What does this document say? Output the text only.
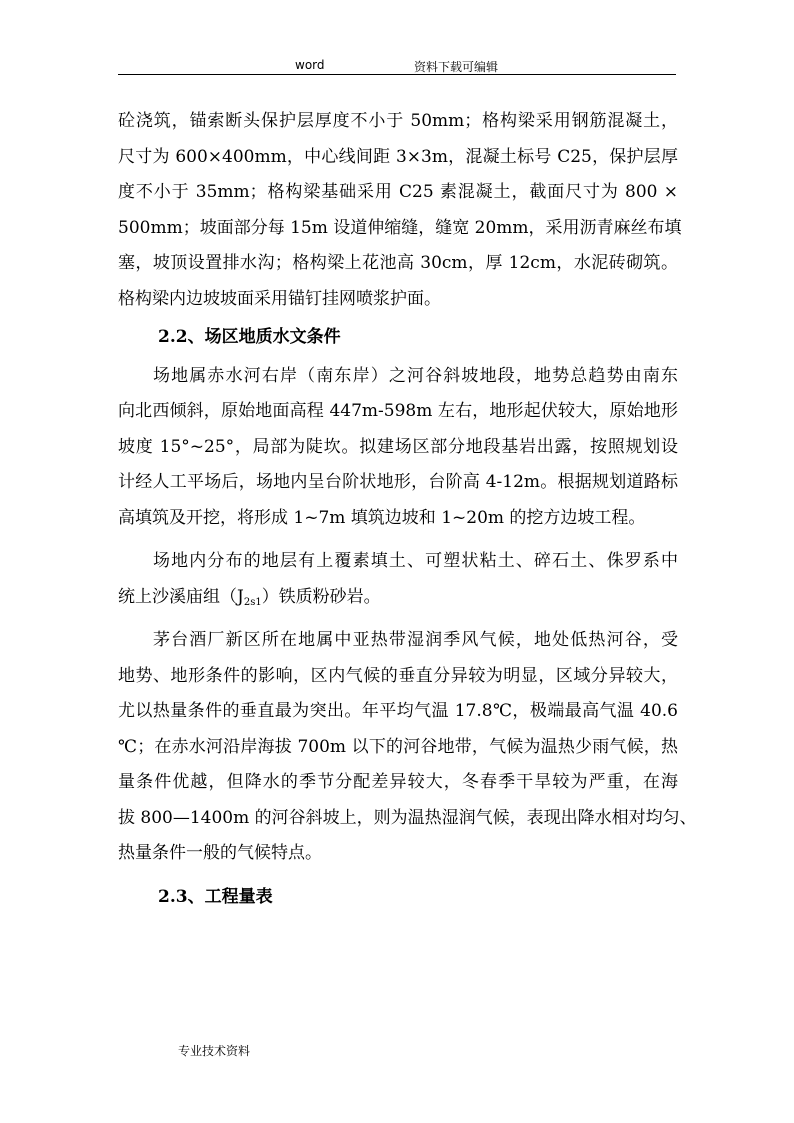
word	资料下载可编辑
砼浇筑，锚索断头保护层厚度不小于 50mm；格构梁采用钢筋混凝土，
尺寸为 600×400mm，中心线间距 3×3m，混凝土标号 C25，保护层厚
度不小于 35mm；格构梁基础采用 C25 素混凝土，截面尺寸为 800 ×
500mm；坡面部分每 15m 设道伸缩缝，缝宽 20mm，采用沥青麻丝布填
塞，坡顶设置排水沟；格构梁上花池高 30cm，厚 12cm，水泥砖砌筑。
格构梁内边坡坡面采用锚钉挂网喷浆护面。
2.2、场区地质水文条件
场地属赤水河右岸（南东岸）之河谷斜坡地段，地势总趋势由南东
向北西倾斜，原始地面高程 447m-598m 左右，地形起伏较大，原始地形
坡度 15°~25°，局部为陡坎。拟建场区部分地段基岩出露，按照规划设
计经人工平场后，场地内呈台阶状地形，台阶高 4-12m。根据规划道路标
高填筑及开挖，将形成 1~7m 填筑边坡和 1~20m 的挖方边坡工程。
场地内分布的地层有上覆素填土、可塑状粘土、碎石土、侏罗系中
统上沙溪庙组$(J_{2s1})$铁质粉砂岩。
茅台酒厂新区所在地属中亚热带湿润季风气候，地处低热河谷，受
地势、地形条件的影响，区内气候的垂直分异较为明显，区域分异较大，
尤以热量条件的垂直最为突出。年平均气温 17.8℃，极端最高气温 40.6
℃；在赤水河沿岸海拔 700m 以下的河谷地带，气候为温热少雨气候，热
量条件优越，但降水的季节分配差异较大，冬春季干旱较为严重，在海
拔 800—1400m 的河谷斜坡上，则为温热湿润气候，表现出降水相对均匀、
热量条件一般的气候特点。
2.3、工程量表
专业技术资料
